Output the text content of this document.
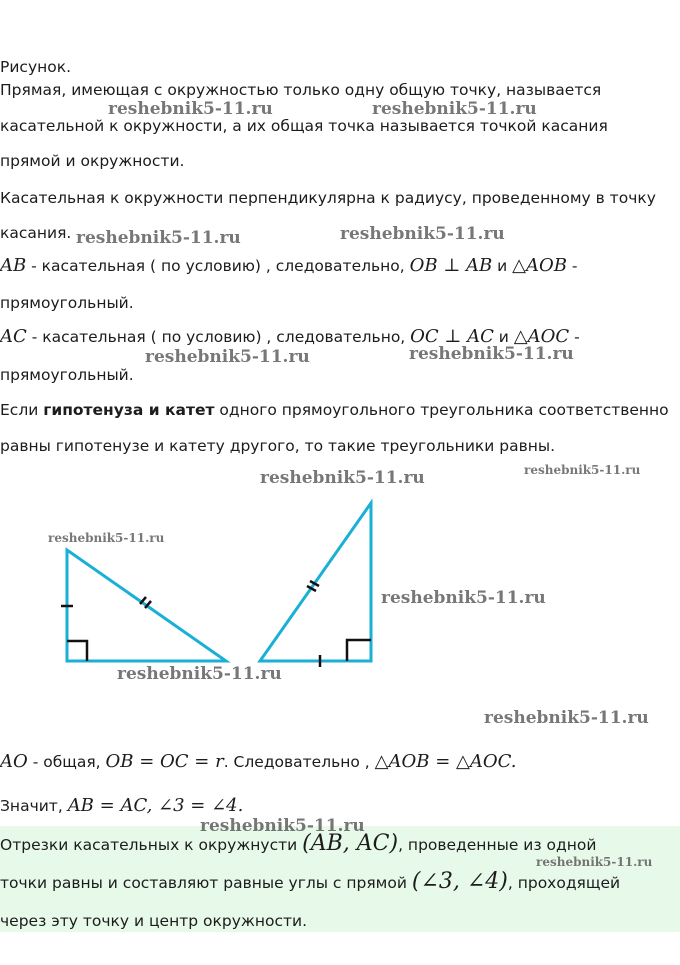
Рисунок.
Прямая, имеющая с окружностью только одну общую точку, называется
касательной к окружности, а их общая точка называется точкой касания
прямой и окружности.
Касательная к окружности перпендикулярна к радиусу, проведенному в точку
касания.
AB - касательная ( по условию) , следовательно, OB ⊥ AB и △AOB -
прямоугольный.
AC - касательная ( по условию) , следовательно, OC ⊥ AC и △AOC -
прямоугольный.
Если гипотенуза и катет одного прямоугольного треугольника соответственно
равны гипотенузе и катету другого, то такие треугольники равны.
AO - общая, OB = OC = r. Следовательно , △AOB = △AOC.
Значит, AB = AC, ∠3 = ∠4.
Отрезки касательных к окружнусти (AB, AC), проведенные из одной
точки равны и составляют равные углы с прямой (∠3, ∠4), проходящей
через эту точку и центр окружности.
reshebnik5-11.ru	reshebnik5-11.ru
reshebnik5-11.ru	reshebnik5-11.ru
reshebnik5-11.ru	reshebnik5-11.ru
reshebnik5-11.ru	reshebnik5-11.ru
reshebnik5-11.ru
reshebnik5-11.ru
reshebnik5-11.ru
reshebnik5-11.ru
reshebnik5-11.ru
reshebnik5-11.ru
